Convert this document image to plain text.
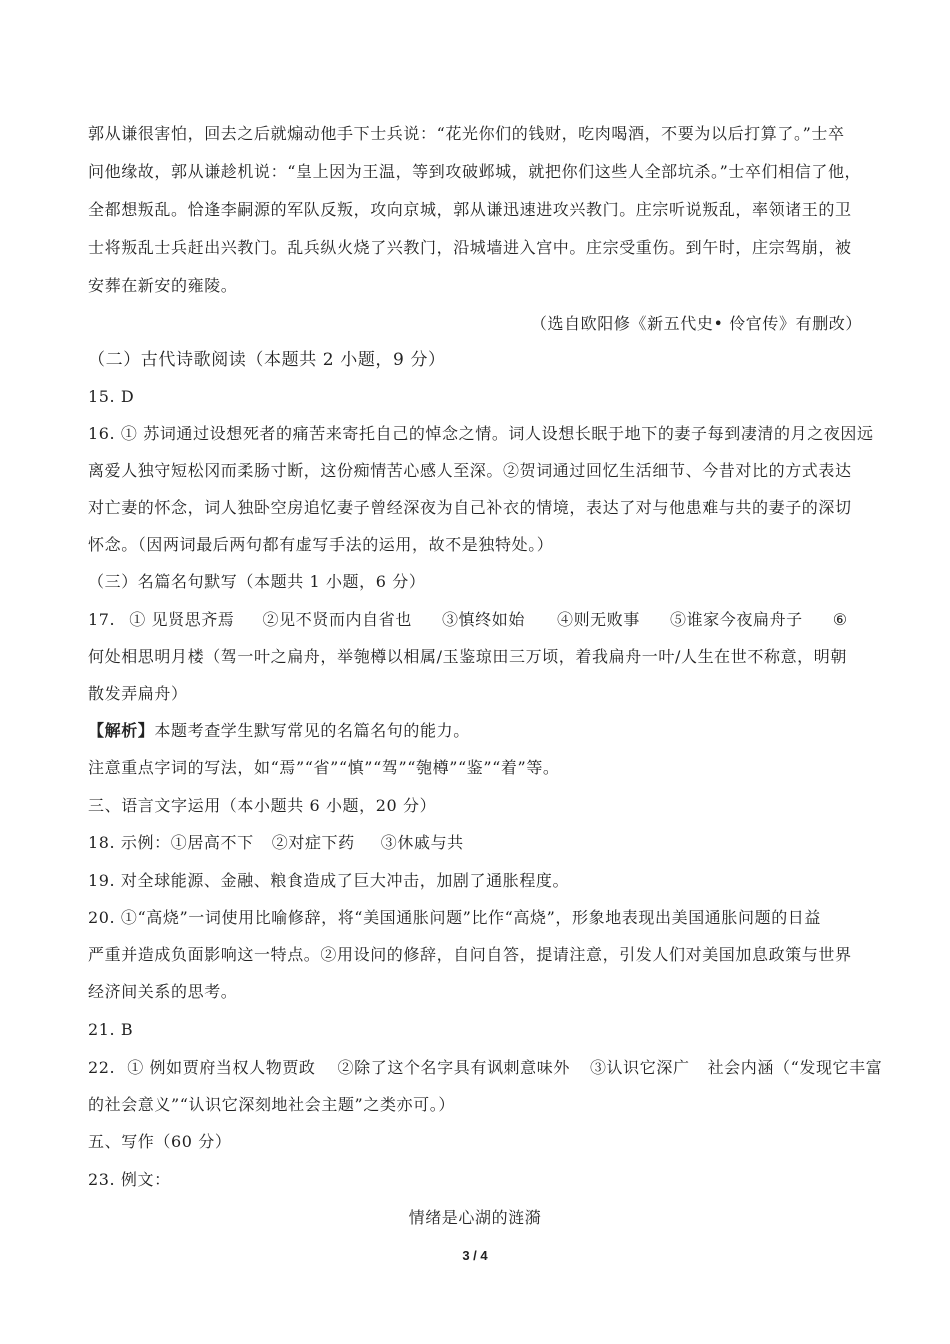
郭从谦很害怕，回去之后就煽动他手下士兵说：“花光你们的钱财，吃肉喝酒，不要为以后打算了。”士卒
问他缘故，郭从谦趁机说：“皇上因为王温，等到攻破邺城，就把你们这些人全部坑杀。”士卒们相信了他，
全都想叛乱。恰逢李嗣源的军队反叛，攻向京城，郭从谦迅速进攻兴教门。庄宗听说叛乱，率领诸王的卫
士将叛乱士兵赶出兴教门。乱兵纵火烧了兴教门，沿城墙进入宫中。庄宗受重伤。到午时，庄宗驾崩，被
安葬在新安的雍陵。
（选自欧阳修《新五代史• 伶官传》有删改）
（二）古代诗歌阅读（本题共 2 小题，9 分）
15. D
16. ① 苏词通过设想死者的痛苦来寄托自己的悼念之情。词人设想长眠于地下的妻子每到凄清的月之夜因远
离爱人独守短松冈而柔肠寸断，这份痴情苦心感人至深。②贺词通过回忆生活细节、今昔对比的方式表达
对亡妻的怀念，词人独卧空房追忆妻子曾经深夜为自己补衣的情境，表达了对与他患难与共的妻子的深切
怀念。（因两词最后两句都有虚写手法的运用，故不是独特处。）
（三）名篇名句默写（本题共 1 小题，6 分）
17. ① 见贤思齐焉 ②见不贤而内自省也 ③慎终如始 ④则无败事 ⑤谁家今夜扁舟子 ⑥
何处相思明月楼（驾一叶之扁舟，举匏樽以相属/玉鉴琼田三万顷，着我扁舟一叶/人生在世不称意，明朝
散发弄扁舟）
【解析】本题考查学生默写常见的名篇名句的能力。
注意重点字词的写法，如“焉”“省”“慎”“驾”“匏樽”“鉴”“着”等。
三、语言文字运用（本小题共 6 小题，20 分）
18. 示例：①居高不下 ②对症下药 ③休戚与共
19. 对全球能源、金融、粮食造成了巨大冲击，加剧了通胀程度。
20. ①“高烧”一词使用比喻修辞，将“美国通胀问题”比作“高烧”，形象地表现出美国通胀问题的日益
严重并造成负面影响这一特点。②用设问的修辞，自问自答，提请注意，引发人们对美国加息政策与世界
经济间关系的思考。
21. B
22. ① 例如贾府当权人物贾政 ②除了这个名字具有讽刺意味外 ③认识它深广 社会内涵（“发现它丰富
的社会意义”“认识它深刻地社会主题”之类亦可。）
五、写作（60 分）
23. 例文：
情绪是心湖的涟漪
3 / 4
